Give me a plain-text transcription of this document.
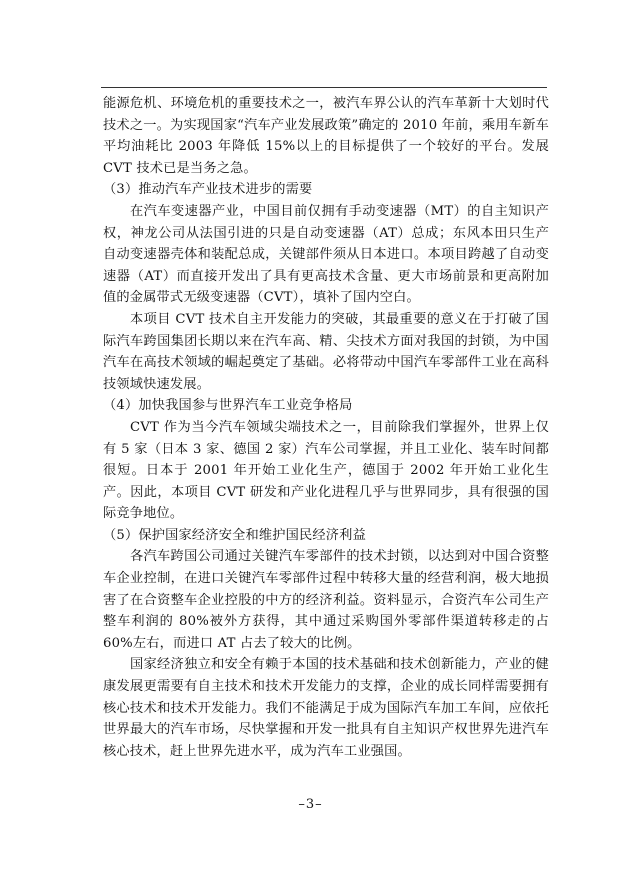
能源危机、环境危机的重要技术之一，被汽车界公认的汽车革新十大划时代技术之一。为实现国家“汽车产业发展政策”确定的 2010 年前，乘用车新车平均油耗比 2003 年降低 15%以上的目标提供了一个较好的平台。发展 CVT 技术已是当务之急。

（3）推动汽车产业技术进步的需要

在汽车变速器产业，中国目前仅拥有手动变速器（MT）的自主知识产权，神龙公司从法国引进的只是自动变速器（AT）总成；东风本田只生产自动变速器壳体和装配总成，关键部件须从日本进口。本项目跨越了自动变速器（AT）而直接开发出了具有更高技术含量、更大市场前景和更高附加值的金属带式无级变速器（CVT），填补了国内空白。

本项目 CVT 技术自主开发能力的突破，其最重要的意义在于打破了国际汽车跨国集团长期以来在汽车高、精、尖技术方面对我国的封锁，为中国汽车在高技术领域的崛起奠定了基础。必将带动中国汽车零部件工业在高科技领域快速发展。

（4）加快我国参与世界汽车工业竞争格局

CVT 作为当今汽车领域尖端技术之一，目前除我们掌握外，世界上仅有 5 家（日本 3 家、德国 2 家）汽车公司掌握，并且工业化、装车时间都很短。日本于 2001 年开始工业化生产，德国于 2002 年开始工业化生产。因此，本项目 CVT 研发和产业化进程几乎与世界同步，具有很强的国际竞争地位。

（5）保护国家经济安全和维护国民经济利益

各汽车跨国公司通过关键汽车零部件的技术封锁，以达到对中国合资整车企业控制，在进口关键汽车零部件过程中转移大量的经营利润，极大地损害了在合资整车企业控股的中方的经济利益。资料显示，合资汽车公司生产整车利润的 80%被外方获得，其中通过采购国外零部件渠道转移走的占 60%左右，而进口 AT 占去了较大的比例。

国家经济独立和安全有赖于本国的技术基础和技术创新能力，产业的健康发展更需要有自主技术和技术开发能力的支撑，企业的成长同样需要拥有核心技术和技术开发能力。我们不能满足于成为国际汽车加工车间，应依托世界最大的汽车市场，尽快掌握和开发一批具有自主知识产权世界先进汽车核心技术，赶上世界先进水平，成为汽车工业强国。

–3–
